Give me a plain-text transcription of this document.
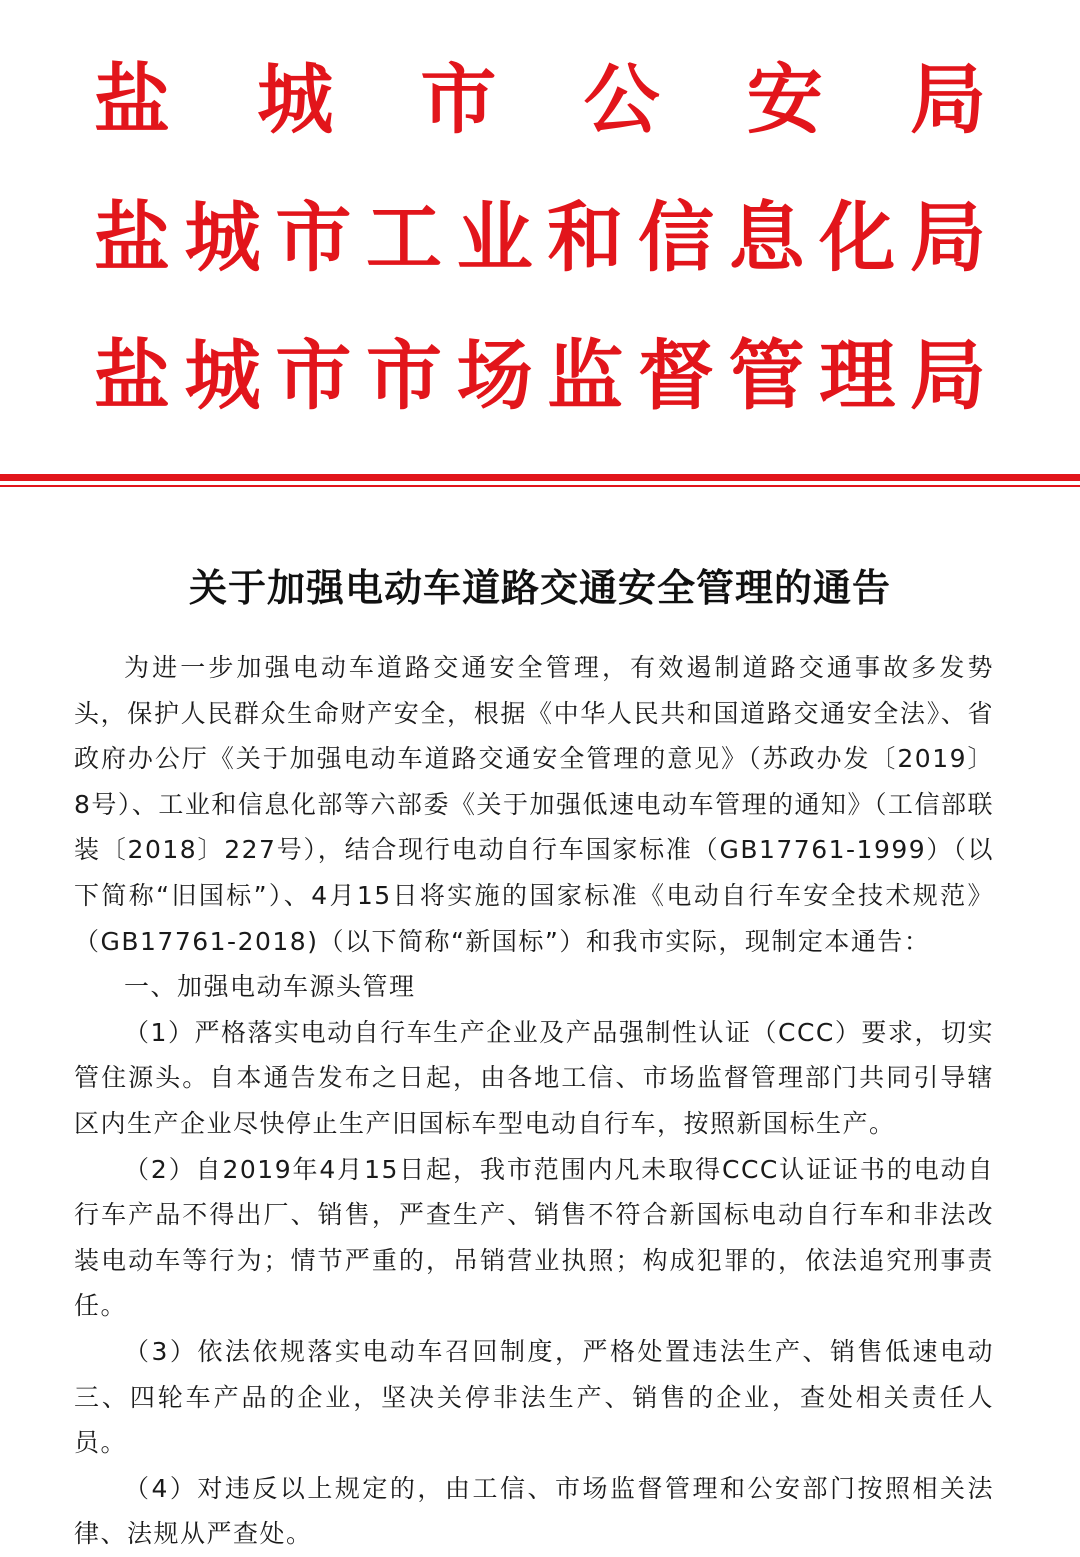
盐 城 市 公 安 局
盐 城 市 工 业 和 信 息 化 局
盐 城 市 市 场 监 督 管 理 局
关于加强电动车道路交通安全管理的通告

为进一步加强电动车道路交通安全管理，有效遏制道路交通事故多发势头，保护人民群众生命财产安全，根据《中华人民共和国道路交通安全法》、省政府办公厅《关于加强电动车道路交通安全管理的意见》（苏政办发〔2019〕8号）、工业和信息化部等六部委《关于加强低速电动车管理的通知》（工信部联装〔2018〕227号），结合现行电动自行车国家标准（GB17761-1999）（以下简称“旧国标”）、4月15日将实施的国家标准《电动自行车安全技术规范》（GB17761-2018)（以下简称“新国标”）和我市实际，现制定本通告：

一、加强电动车源头管理

（1）严格落实电动自行车生产企业及产品强制性认证（CCC）要求，切实管住源头。自本通告发布之日起，由各地工信、市场监督管理部门共同引导辖区内生产企业尽快停止生产旧国标车型电动自行车，按照新国标生产。

（2）自2019年4月15日起，我市范围内凡未取得CCC认证证书的电动自行车产品不得出厂、销售，严查生产、销售不符合新国标电动自行车和非法改装电动车等行为；情节严重的，吊销营业执照；构成犯罪的，依法追究刑事责任。

（3）依法依规落实电动车召回制度，严格处置违法生产、销售低速电动三、四轮车产品的企业，坚决关停非法生产、销售的企业，查处相关责任人员。

（4）对违反以上规定的，由工信、市场监督管理和公安部门按照相关法律、法规从严查处。
